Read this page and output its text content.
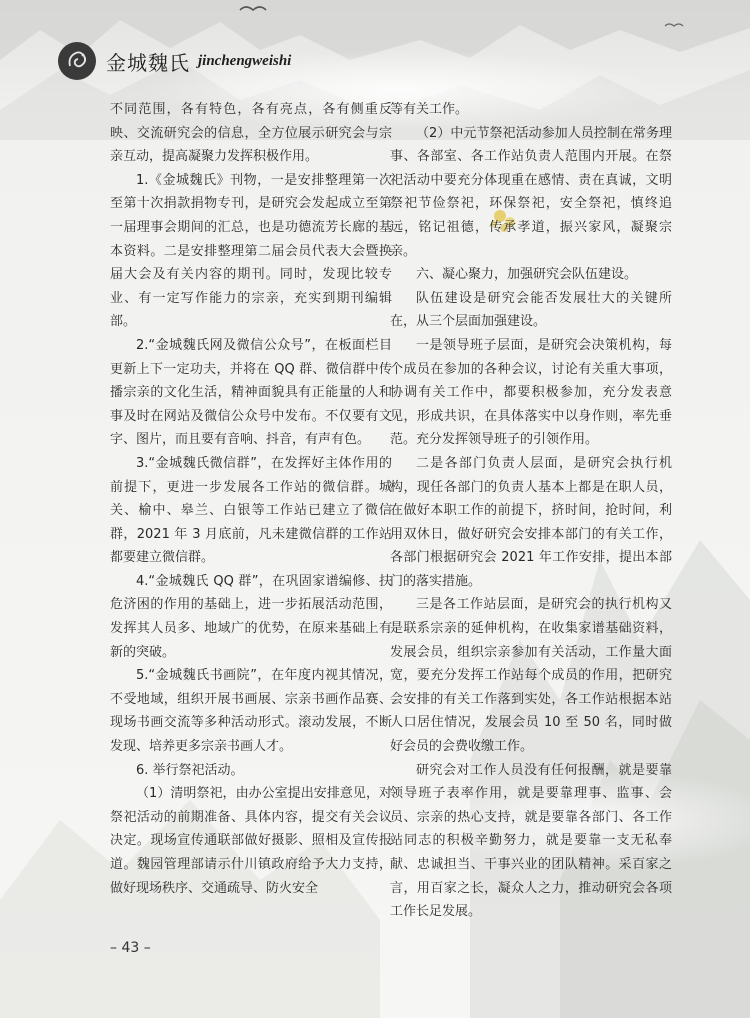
金城魏氏 jinchengweishi

不同范围，各有特色，各有亮点，各有侧重反映、交流研究会的信息，全方位展示研究会与宗亲互动，提高凝聚力发挥积极作用。

1.《金城魏氏》刊物，一是安排整理第一次至第十次捐款捐物专刊，是研究会发起成立至第一届理事会期间的汇总，也是功德流芳长廊的基本资料。二是安排整理第二届会员代表大会暨换届大会及有关内容的期刊。同时，发现比较专业、有一定写作能力的宗亲，充实到期刊编辑部。

2.“金城魏氏网及微信公众号”，在板面栏目更新上下一定功夫，并将在 QQ 群、微信群中传播宗亲的文化生活，精神面貌具有正能量的人和事及时在网站及微信公众号中发布。不仅要有文字、图片，而且要有音响、抖音，有声有色。

3.“金城魏氏微信群”，在发挥好主体作用的前提下，更进一步发展各工作站的微信群。城关、榆中、皋兰、白银等工作站已建立了微信群，2021 年 3 月底前，凡未建微信群的工作站都要建立微信群。

4.“金城魏氏 QQ 群”，在巩固家谱编修、扶危济困的作用的基础上，进一步拓展活动范围，发挥其人员多、地域广的优势，在原来基础上有新的突破。

5.“金城魏氏书画院”，在年度内视其情况，不受地域，组织开展书画展、宗亲书画作品赛、现场书画交流等多种活动形式。滚动发展，不断发现、培养更多宗亲书画人才。

6. 举行祭祀活动。

（1）清明祭祀，由办公室提出安排意见，对祭祀活动的前期准备、具体内容，提交有关会议决定。现场宣传通联部做好摄影、照相及宣传报道。魏园管理部请示什川镇政府给予大力支持，做好现场秩序、交通疏导、防火安全

等有关工作。

（2）中元节祭祀活动参加人员控制在常务理事、各部室、各工作站负责人范围内开展。在祭祀活动中要充分体现重在感情、责在真诚，文明祭祀节俭祭祀，环保祭祀，安全祭祀，慎终追远，铭记祖德，传承孝道，振兴家风，凝聚宗亲。

六、凝心聚力，加强研究会队伍建设。

队伍建设是研究会能否发展壮大的关键所在，从三个层面加强建设。

一是领导班子层面，是研究会决策机构，每个成员在参加的各种会议，讨论有关重大事项，协调有关工作中，都要积极参加，充分发表意见，形成共识，在具体落实中以身作则，率先垂范。充分发挥领导班子的引领作用。

二是各部门负责人层面，是研究会执行机构，现任各部门的负责人基本上都是在职人员，在做好本职工作的前提下，挤时间，抢时间，利用双休日，做好研究会安排本部门的有关工作，各部门根据研究会 2021 年工作安排，提出本部门的落实措施。

三是各工作站层面，是研究会的执行机构又是联系宗亲的延伸机构，在收集家谱基础资料，发展会员，组织宗亲参加有关活动，工作量大面宽，要充分发挥工作站每个成员的作用，把研究会安排的有关工作落到实处，各工作站根据本站人口居住情况，发展会员 10 至 50 名，同时做好会员的会费收缴工作。

研究会对工作人员没有任何报酬，就是要靠领导班子表率作用，就是要靠理事、监事、会员、宗亲的热心支持，就是要靠各部门、各工作站同志的积极辛勤努力，就是要靠一支无私奉献、忠诚担当、干事兴业的团队精神。采百家之言，用百家之长，凝众人之力，推动研究会各项工作长足发展。

– 43 –
